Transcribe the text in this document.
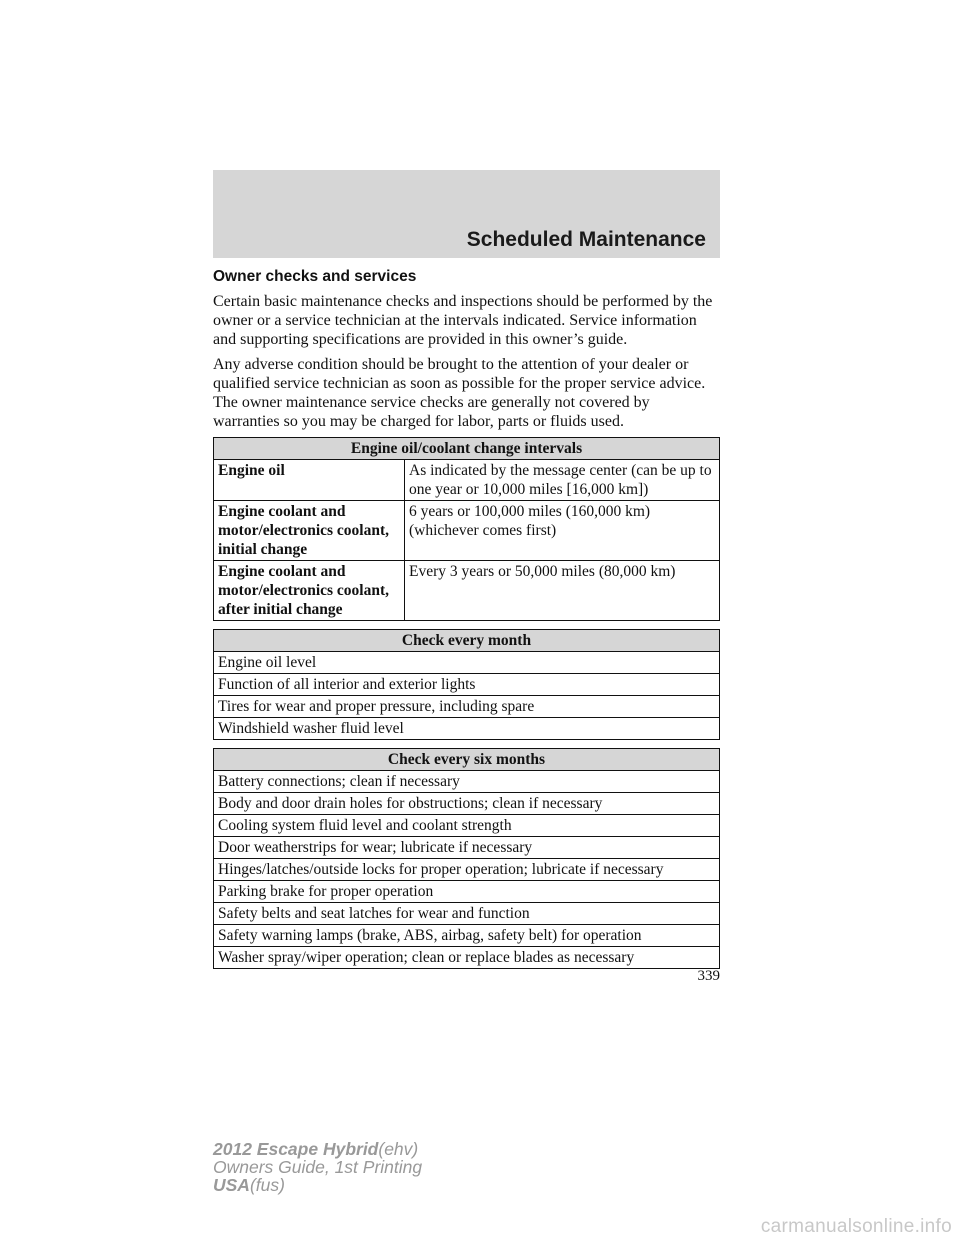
Scheduled Maintenance
Owner checks and services

Certain basic maintenance checks and inspections should be performed by the owner or a service technician at the intervals indicated. Service information and supporting specifications are provided in this owner’s guide.

Any adverse condition should be brought to the attention of your dealer or qualified service technician as soon as possible for the proper service advice. The owner maintenance service checks are generally not covered by warranties so you may be charged for labor, parts or fluids used.

Engine oil/coolant change intervals	
Engine oil	As indicated by the message center (can be up to one year or 10,000 miles [16,000 km])
Engine coolant and motor/electronics coolant, initial change	6 years or 100,000 miles (160,000 km) (whichever comes first)
Engine coolant and motor/electronics coolant, after initial change	Every 3 years or 50,000 miles (80,000 km)
Check every month
Engine oil level
Function of all interior and exterior lights
Tires for wear and proper pressure, including spare
Windshield washer fluid level
Check every six months
Battery connections; clean if necessary
Body and door drain holes for obstructions; clean if necessary
Cooling system fluid level and coolant strength
Door weatherstrips for wear; lubricate if necessary
Hinges/latches/outside locks for proper operation; lubricate if necessary
Parking brake for proper operation
Safety belts and seat latches for wear and function
Safety warning lamps (brake, ABS, airbag, safety belt) for operation
Washer spray/wiper operation; clean or replace blades as necessary
339
2012 Escape Hybrid(ehv)
Owners Guide, 1st Printing
USA(fus)
carmanualsonline.info
